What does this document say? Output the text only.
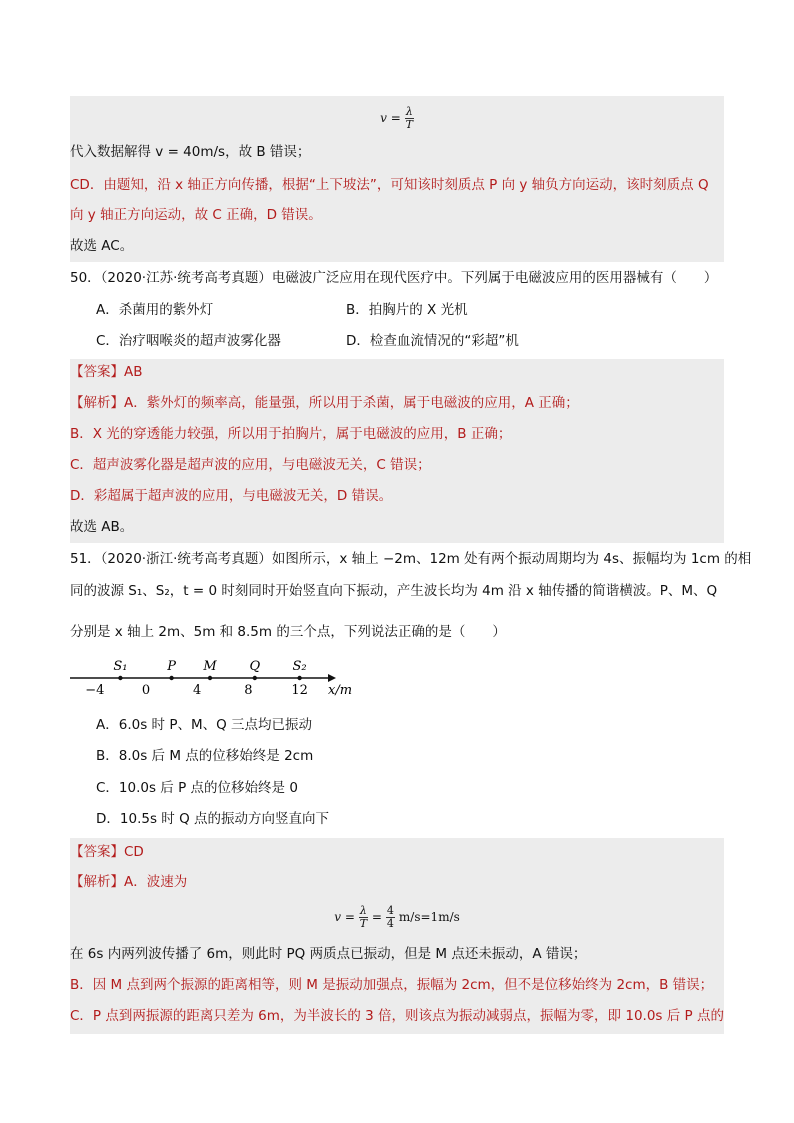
$v = \frac{\lambda}{T}$
代入数据解得 v = 40m/s，故 B 错误；
CD．由题知，沿 x 轴正方向传播，根据“上下坡法”，可知该时刻质点 P 向 y 轴负方向运动，该时刻质点 Q
向 y 轴正方向运动，故 C 正确，D 错误。
故选 AC。
50．（2020·江苏·统考高考真题）电磁波广泛应用在现代医疗中。下列属于电磁波应用的医用器械有（　　）
A．杀菌用的紫外灯	B．拍胸片的 X 光机
C．治疗咽喉炎的超声波雾化器	D．检查血流情况的“彩超”机
【答案】AB
【解析】A．紫外灯的频率高，能量强，所以用于杀菌，属于电磁波的应用，A 正确；
B．X 光的穿透能力较强，所以用于拍胸片，属于电磁波的应用，B 正确；
C．超声波雾化器是超声波的应用，与电磁波无关，C 错误；
D．彩超属于超声波的应用，与电磁波无关，D 错误。
故选 AB。
51．（2020·浙江·统考高考真题）如图所示，x 轴上 −2m、12m 处有两个振动周期均为 4s、振幅均为 1cm 的相
同的波源 S₁、S₂，t = 0 时刻同时开始竖直向下振动，产生波长均为 4m 沿 x 轴传播的简谐横波。P、M、Q
分别是 x 轴上 2m、5m 和 8.5m 的三个点，下列说法正确的是（　　）
x/m
S₁	P M	Q S₂
−4	0	4	8	12
A．6.0s 时 P、M、Q 三点均已振动
B．8.0s 后 M 点的位移始终是 2cm
C．10.0s 后 P 点的位移始终是 0
D．10.5s 时 Q 点的振动方向竖直向下
【答案】CD
【解析】A．波速为
$v = \frac{\lambda}{T} = \frac{4}{4} m/s=1m/s$
在 6s 内两列波传播了 6m，则此时 PQ 两质点已振动，但是 M 点还未振动，A 错误；
B．因 M 点到两个振源的距离相等，则 M 是振动加强点，振幅为 2cm，但不是位移始终为 2cm，B 错误；
C．P 点到两振源的距离只差为 6m，为半波长的 3 倍，则该点为振动减弱点，振幅为零，即 10.0s 后 P 点的
